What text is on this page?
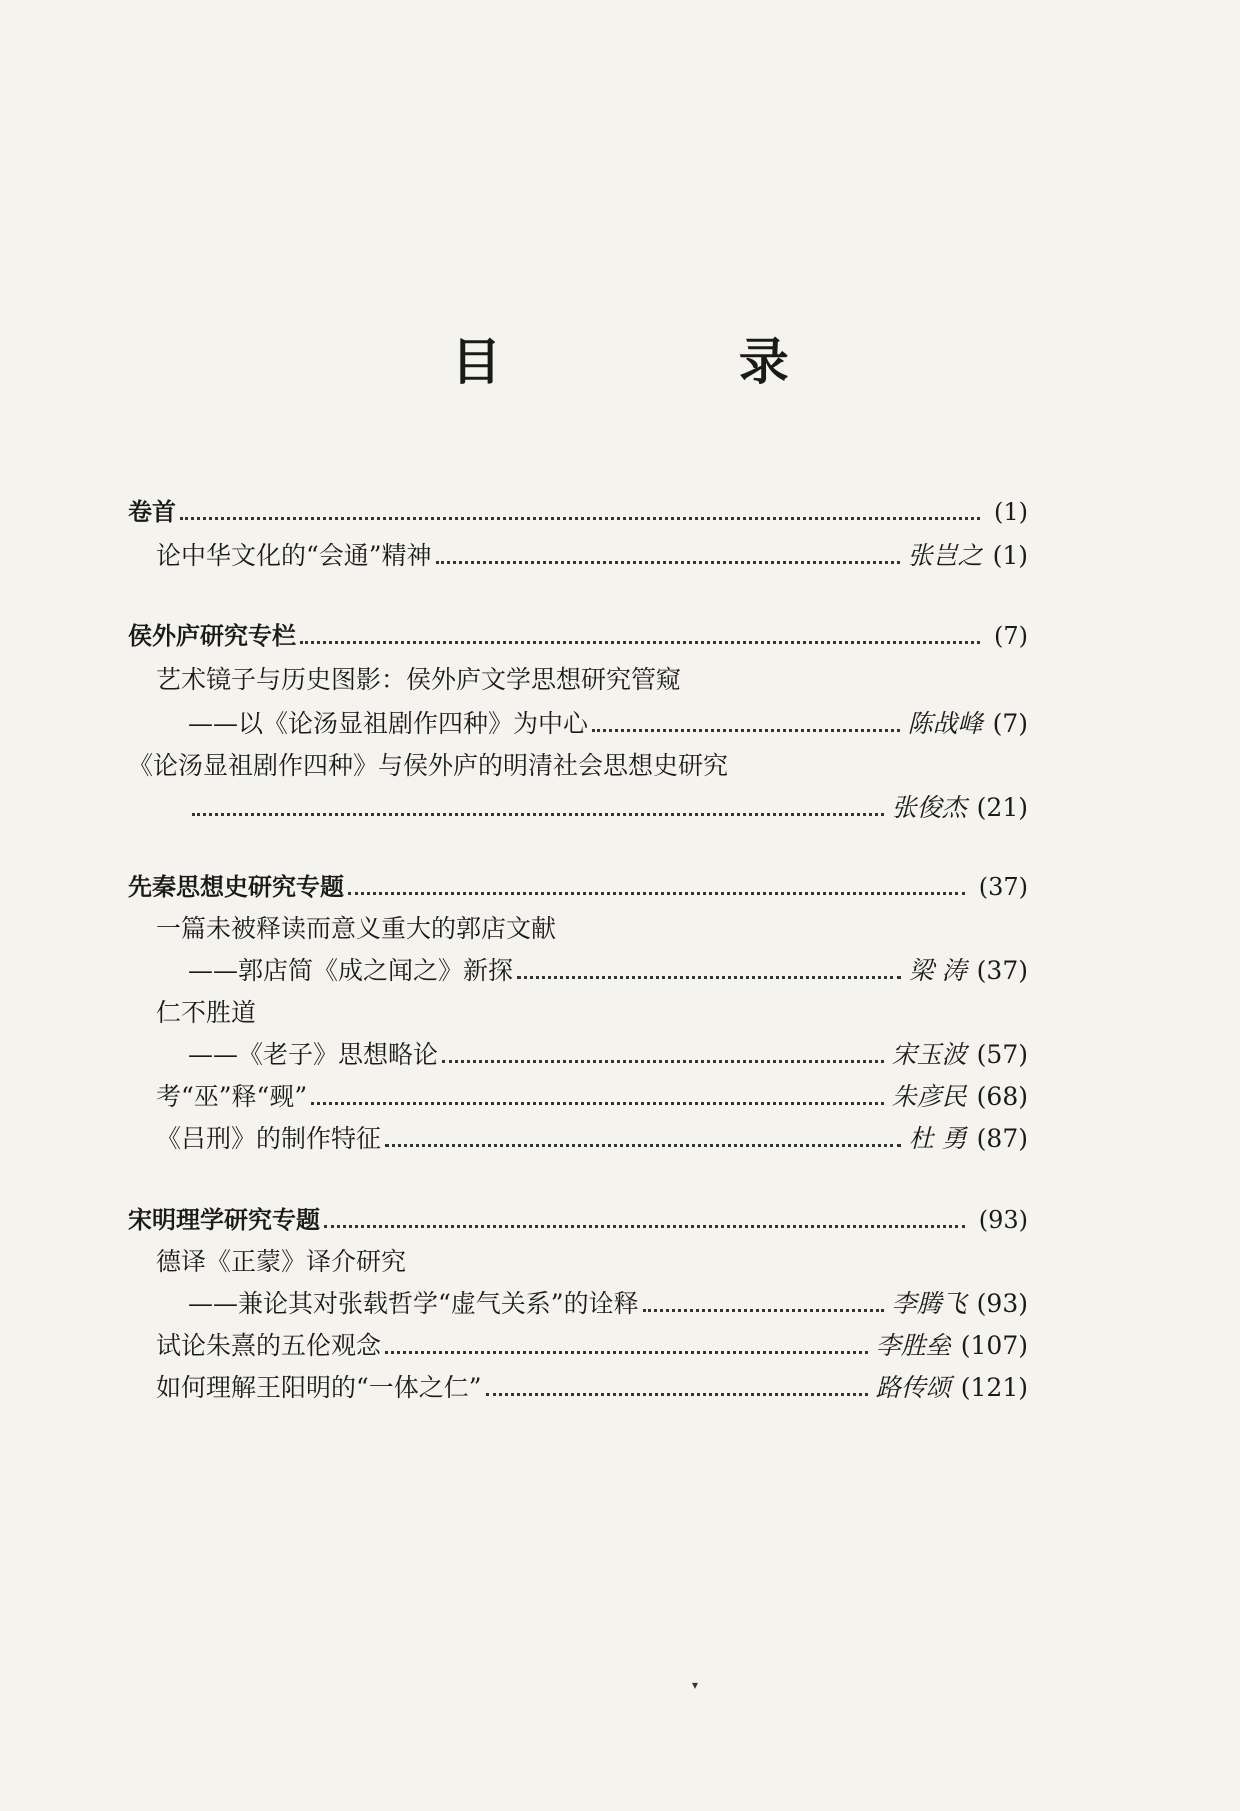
目 录
卷首	(1)
论中华文化的“会通”精神	张岂之 (1)
侯外庐研究专栏	(7)
艺术镜子与历史图影：侯外庐文学思想研究管窥
——以《论汤显祖剧作四种》为中心	陈战峰 (7)
《论汤显祖剧作四种》与侯外庐的明清社会思想史研究
张俊杰 (21)
先秦思想史研究专题	(37)
一篇未被释读而意义重大的郭店文献
——郭店简《成之闻之》新探	梁 涛 (37)
仁不胜道
——《老子》思想略论	宋玉波 (57)
考“巫”释“觋”	朱彦民 (68)
《吕刑》的制作特征	杜 勇 (87)
宋明理学研究专题	(93)
德译《正蒙》译介研究
——兼论其对张载哲学“虚气关系”的诠释	李腾飞 (93)
试论朱熹的五伦观念	李胜垒 (107)
如何理解王阳明的“一体之仁”	路传颂 (121)
▾
